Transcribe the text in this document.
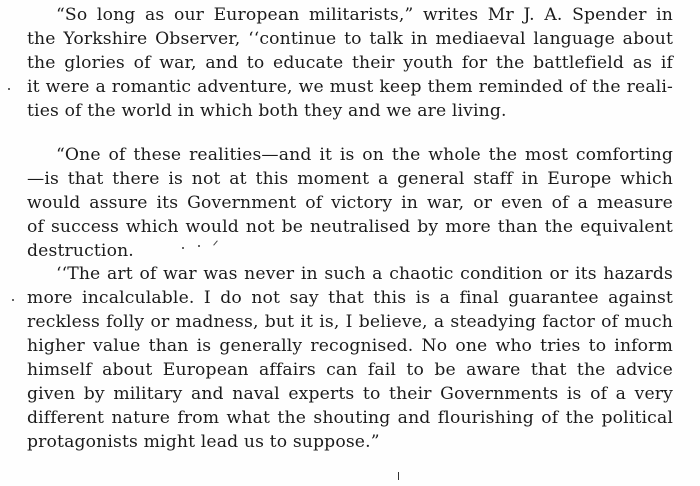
“So long as our European militarists,” writes Mr J. A. Spender in
the Yorkshire Observer, ‘‘continue to talk in mediaeval language about
the glories of war, and to educate their youth for the battlefield as if
it were a romantic adventure, we must keep them reminded of the reali-
ties of the world in which both they and we are living.
“One of these realities—and it is on the whole the most comforting
—is that there is not at this moment a general staff in Europe which
would assure its Government of victory in war, or even of a measure
of success which would not be neutralised by more than the equivalent
destruction.
‘‘The art of war was never in such a chaotic condition or its hazards
more incalculable. I do not say that this is a final guarantee against
reckless folly or madness, but it is, I believe, a steadying factor of much
higher value than is generally recognised. No one who tries to inform
himself about European affairs can fail to be aware that the advice
given by military and naval experts to their Governments is of a very
different nature from what the shouting and flourishing of the political
protagonists might lead us to suppose.”
